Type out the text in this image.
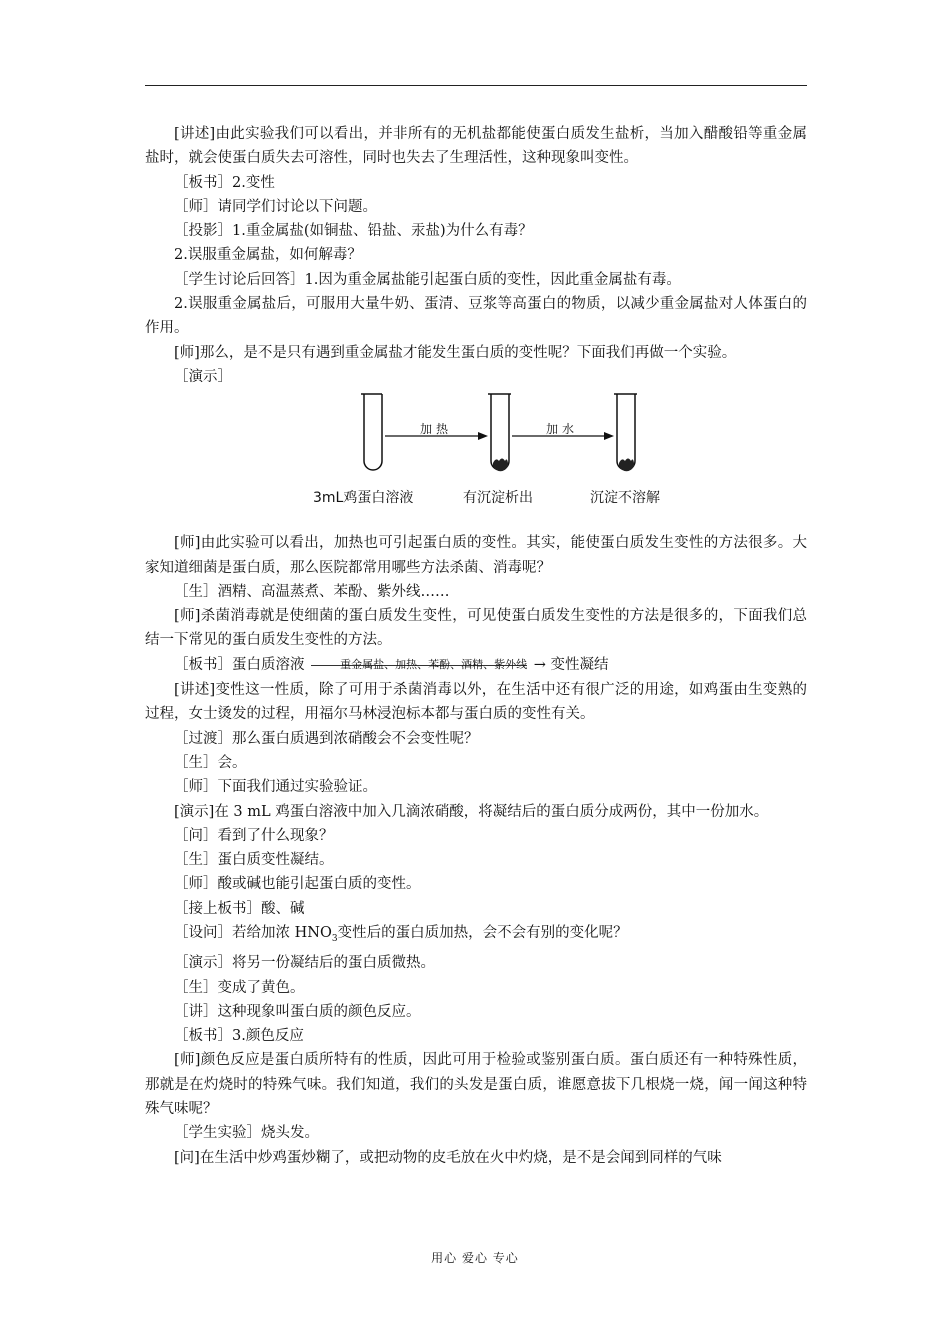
[讲述]由此实验我们可以看出，并非所有的无机盐都能使蛋白质发生盐析，当加入醋酸铅等重金属盐时，就会使蛋白质失去可溶性，同时也失去了生理活性，这种现象叫变性。

［板书］2.变性

［师］请同学们讨论以下问题。

［投影］1.重金属盐(如铜盐、铅盐、汞盐)为什么有毒？

2.误服重金属盐，如何解毒？

［学生讨论后回答］1.因为重金属盐能引起蛋白质的变性，因此重金属盐有毒。

2.误服重金属盐后，可服用大量牛奶、蛋清、豆浆等高蛋白的物质，以减少重金属盐对人体蛋白的作用。

[师]那么，是不是只有遇到重金属盐才能发生蛋白质的变性呢？下面我们再做一个实验。

［演示］

加热	加水
3mL鸡蛋白溶液	有沉淀析出	沉淀不溶解

[师]由此实验可以看出，加热也可引起蛋白质的变性。其实，能使蛋白质发生变性的方法很多。大家知道细菌是蛋白质，那么医院都常用哪些方法杀菌、消毒呢？

［生］酒精、高温蒸煮、苯酚、紫外线……

[师]杀菌消毒就是使细菌的蛋白质发生变性，可见使蛋白质发生变性的方法是很多的，下面我们总结一下常见的蛋白质发生变性的方法。

［板书］蛋白质溶液	重金属盐、加热、苯酚、酒精、紫外线 → 变性凝结

[讲述]变性这一性质，除了可用于杀菌消毒以外，在生活中还有很广泛的用途，如鸡蛋由生变熟的过程，女士烫发的过程，用福尔马林浸泡标本都与蛋白质的变性有关。

［过渡］那么蛋白质遇到浓硝酸会不会变性呢？

［生］会。

［师］下面我们通过实验验证。

[演示]在 3 mL 鸡蛋白溶液中加入几滴浓硝酸，将凝结后的蛋白质分成两份，其中一份加水。

［问］看到了什么现象？

［生］蛋白质变性凝结。

［师］酸或碱也能引起蛋白质的变性。

［接上板书］酸、碱

［设问］若给加浓 $HNO_3$变性后的蛋白质加热，会不会有别的变化呢？

［演示］将另一份凝结后的蛋白质微热。

［生］变成了黄色。

［讲］这种现象叫蛋白质的颜色反应。

［板书］3.颜色反应

[师]颜色反应是蛋白质所特有的性质，因此可用于检验或鉴别蛋白质。蛋白质还有一种特殊性质，那就是在灼烧时的特殊气味。我们知道，我们的头发是蛋白质，谁愿意拔下几根烧一烧，闻一闻这种特殊气味呢？

［学生实验］烧头发。

[问]在生活中炒鸡蛋炒糊了，或把动物的皮毛放在火中灼烧，是不是会闻到同样的气味

用心 爱心 专心
